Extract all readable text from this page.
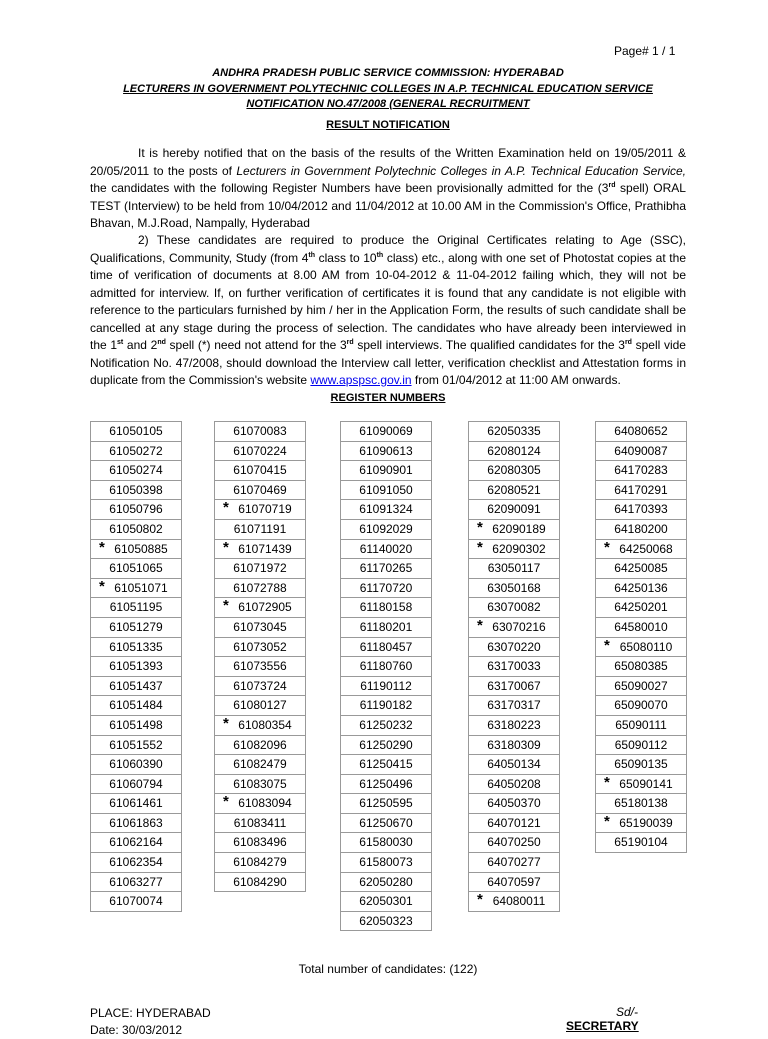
Page# 1 / 1
ANDHRA PRADESH PUBLIC SERVICE COMMISSION: HYDERABAD
LECTURERS IN GOVERNMENT POLYTECHNIC COLLEGES IN A.P. TECHNICAL EDUCATION SERVICE
NOTIFICATION NO.47/2008 (GENERAL RECRUITMENT
RESULT NOTIFICATION
It is hereby notified that on the basis of the results of the Written Examination held on 19/05/2011 & 20/05/2011 to the posts of Lecturers in Government Polytechnic Colleges in A.P. Technical Education Service, the candidates with the following Register Numbers have been provisionally admitted for the (3rd spell) ORAL TEST (Interview) to be held from 10/04/2012 and 11/04/2012 at 10.00 AM in the Commission's Office, Prathibha Bhavan, M.J.Road, Nampally, Hyderabad
2) These candidates are required to produce the Original Certificates relating to Age (SSC), Qualifications, Community, Study (from 4th class to 10th class) etc., along with one set of Photostat copies at the time of verification of documents at 8.00 AM from 10-04-2012 & 11-04-2012 failing which, they will not be admitted for interview. If, on further verification of certificates it is found that any candidate is not eligible with reference to the particulars furnished by him / her in the Application Form, the results of such candidate shall be cancelled at any stage during the process of selection. The candidates who have already been interviewed in the 1st and 2nd spell (*) need not attend for the 3rd spell interviews. The qualified candidates for the 3rd spell vide Notification No. 47/2008, should download the Interview call letter, verification checklist and Attestation forms in duplicate from the Commission's website www.apspsc.gov.in from 01/04/2012 at 11:00 AM onwards.
REGISTER NUMBERS
61050105
61050272
61050274
61050398
61050796
61050802
* 61050885
61051065
* 61051071
61051195
61051279
61051335
61051393
61051437
61051484
61051498
61051552
61060390
61060794
61061461
61061863
61062164
61062354
61063277
61070074
61070083
61070224
61070415
61070469
* 61070719
61071191
* 61071439
61071972
61072788
* 61072905
61073045
61073052
61073556
61073724
61080127
* 61080354
61082096
61082479
61083075
* 61083094
61083411
61083496
61084279
61084290
61090069
61090613
61090901
61091050
61091324
61092029
61140020
61170265
61170720
61180158
61180201
61180457
61180760
61190112
61190182
61250232
61250290
61250415
61250496
61250595
61250670
61580030
61580073
62050280
62050301
62050323
62050335
62080124
62080305
62080521
62090091
* 62090189
* 62090302
63050117
63050168
63070082
* 63070216
63070220
63170033
63170067
63170317
63180223
63180309
64050134
64050208
64050370
64070121
64070250
64070277
64070597
* 64080011
64080652
64090087
64170283
64170291
64170393
64180200
* 64250068
64250085
64250136
64250201
64580010
* 65080110
65080385
65090027
65090070
65090111
65090112
65090135
* 65090141
65180138
* 65190039
65190104
Total number of candidates: (122)
PLACE: HYDERABAD
Date: 30/03/2012
Sd/-
SECRETARY
